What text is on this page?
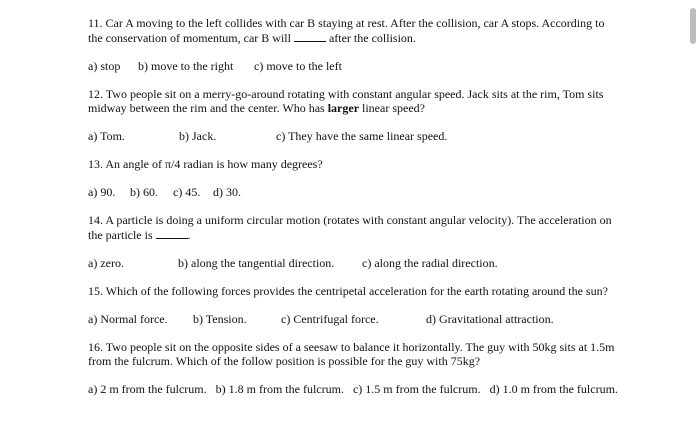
11. Car A moving to the left collides with car B staying at rest. After the collision, car A stops. According to the conservation of momentum, car B will	after the collision.
a) stop b) move to the right c) move to the left
12. Two people sit on a merry-go-around rotating with constant angular speed. Jack sits at the rim, Tom sits midway between the rim and the center. Who has larger linear speed?
a) Tom.	b) Jack.	c) They have the same linear speed.
13. An angle of π/4 radian is how many degrees?
a) 90. b) 60. c) 45. d) 30.
14. A particle is doing a uniform circular motion (rotates with constant angular velocity). The acceleration on the particle is	.
a) zero.	b) along the tangential direction. c) along the radial direction.
15. Which of the following forces provides the centripetal acceleration for the earth rotating around the sun?
a) Normal force. b) Tension.	c) Centrifugal force.	d) Gravitational attraction.
16. Two people sit on the opposite sides of a seesaw to balance it horizontally. The guy with 50kg sits at 1.5m from the fulcrum. Which of the follow position is possible for the guy with 75kg?
a) 2 m from the fulcrum. b) 1.8 m from the fulcrum. c) 1.5 m from the fulcrum. d) 1.0 m from the fulcrum.
